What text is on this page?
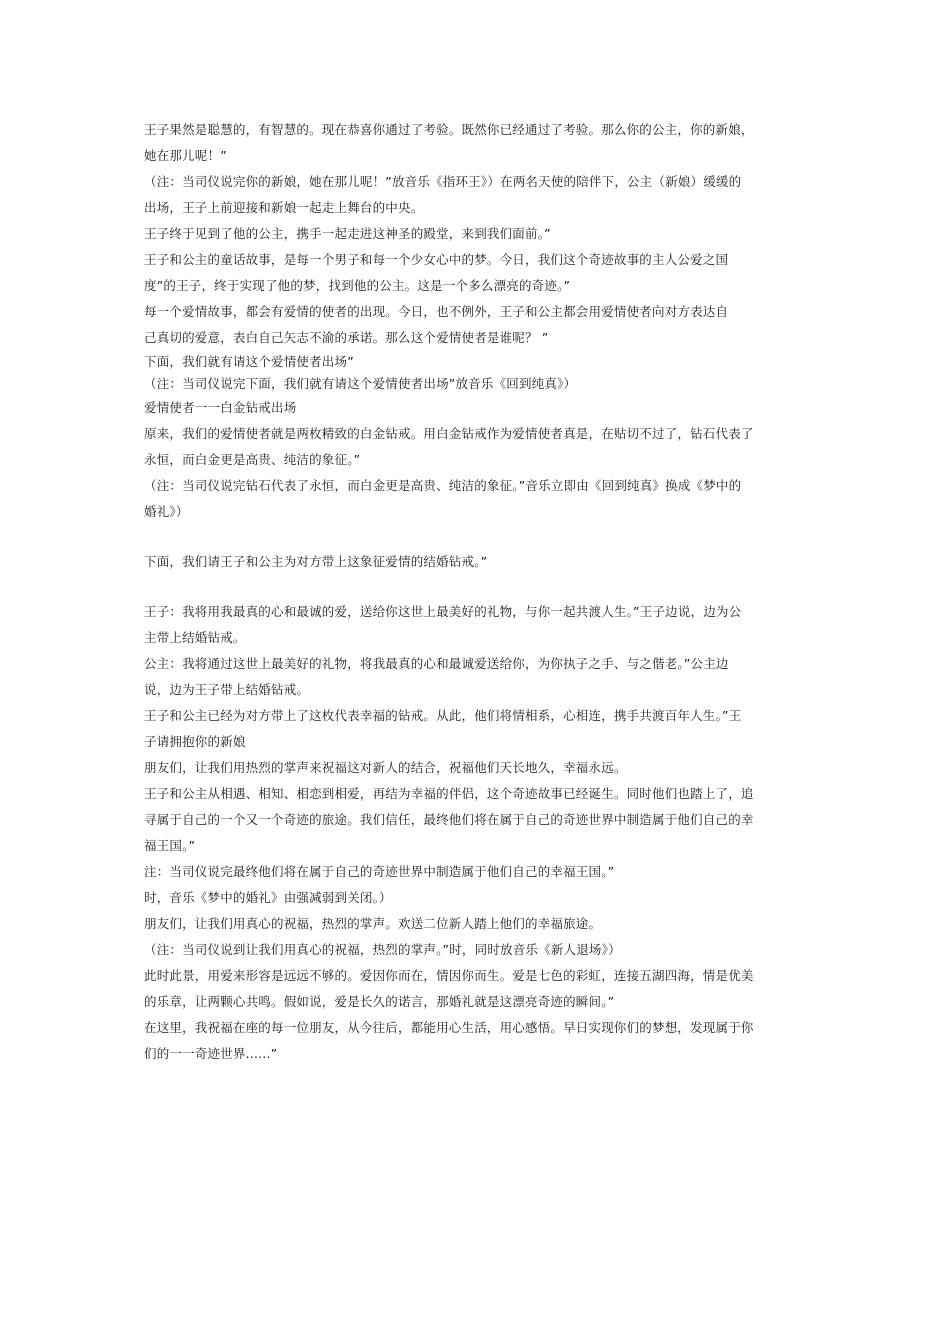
王子果然是聪慧的，有智慧的。现在恭喜你通过了考验。既然你已经通过了考验。那么你的公主，你的新娘，
她在那儿呢！”

（注：当司仪说完你的新娘，她在那儿呢！”放音乐《指环王》）在两名天使的陪伴下，公主（新娘）缓缓的
出场，王子上前迎接和新娘一起走上舞台的中央。

王子终于见到了他的公主，携手一起走进这神圣的殿堂，来到我们面前。”

王子和公主的童话故事，是每一个男子和每一个少女心中的梦。今日，我们这个奇迹故事的主人公爱之国
度”的王子，终于实现了他的梦，找到他的公主。这是一个多么漂亮的奇迹。”

每一个爱情故事，都会有爱情的使者的出现。今日，也不例外，王子和公主都会用爱情使者向对方表达自
己真切的爱意，表白自己矢志不渝的承诺。那么这个爱情使者是谁呢？ ”

下面，我们就有请这个爱情使者出场”

（注：当司仪说完下面，我们就有请这个爱情使者出场”放音乐《回到纯真》）

爱情使者一一白金钻戒出场

原来，我们的爱情使者就是两枚精致的白金钻戒。用白金钻戒作为爱情使者真是，在贴切不过了，钻石代表了
永恒，而白金更是高贵、纯洁的象征。”

（注：当司仪说完钻石代表了永恒，而白金更是高贵、纯洁的象征。”音乐立即由《回到纯真》换成《梦中的
婚礼》）

下面，我们请王子和公主为对方带上这象征爱情的结婚钻戒。”

王子：我将用我最真的心和最诚的爱，送给你这世上最美好的礼物，与你一起共渡人生。”王子边说，边为公
主带上结婚钻戒。

公主：我将通过这世上最美好的礼物，将我最真的心和最诚爱送给你，为你执子之手、与之偕老。”公主边
说，边为王子带上结婚钻戒。

王子和公主已经为对方带上了这枚代表幸福的钻戒。从此，他们将情相系，心相连，携手共渡百年人生。”王
子请拥抱你的新娘

朋友们，让我们用热烈的掌声来祝福这对新人的结合，祝福他们天长地久，幸福永远。

王子和公主从相遇、相知、相恋到相爱，再结为幸福的伴侣，这个奇迹故事已经诞生。同时他们也踏上了，追
寻属于自己的一个又一个奇迹的旅途。我们信任，最终他们将在属于自己的奇迹世界中制造属于他们自己的幸
福王国。”

注：当司仪说完最终他们将在属于自己的奇迹世界中制造属于他们自己的幸福王国。”

时，音乐《梦中的婚礼》由强减弱到关闭。）

朋友们，让我们用真心的祝福，热烈的掌声。欢送二位新人踏上他们的幸福旅途。

（注：当司仪说到让我们用真心的祝福，热烈的掌声。”时，同时放音乐《新人退场》）

此时此景，用爱来形容是远远不够的。爱因你而在，情因你而生。爱是七色的彩虹，连接五湖四海，情是优美
的乐章，让两颗心共鸣。假如说，爱是长久的诺言，那婚礼就是这漂亮奇迹的瞬间。”

在这里，我祝福在座的每一位朋友，从今往后，都能用心生活，用心感悟。早日实现你们的梦想，发现属于你
们的一一奇迹世界......”
